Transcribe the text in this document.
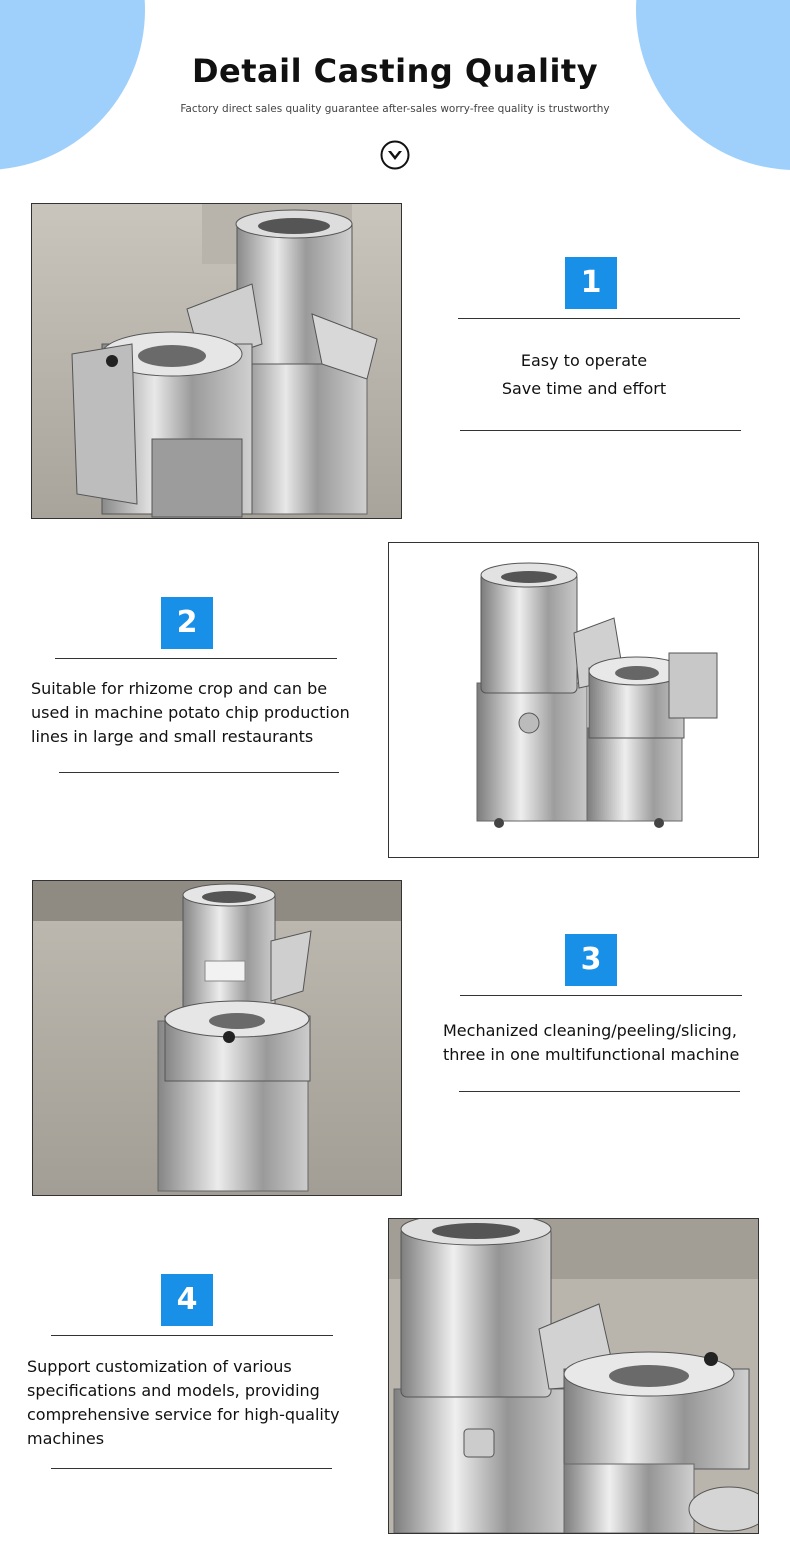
Detail Casting Quality
Factory direct sales quality guarantee after-sales worry-free quality is trustworthy
1
Easy to operate
Save time and effort
2
Suitable for rhizome crop and can be
used in machine potato chip production
lines in large and small restaurants
3
Mechanized cleaning/peeling/slicing,
three in one multifunctional machine
4
Support customization of various
specifications and models, providing
comprehensive service for high-quality
machines
